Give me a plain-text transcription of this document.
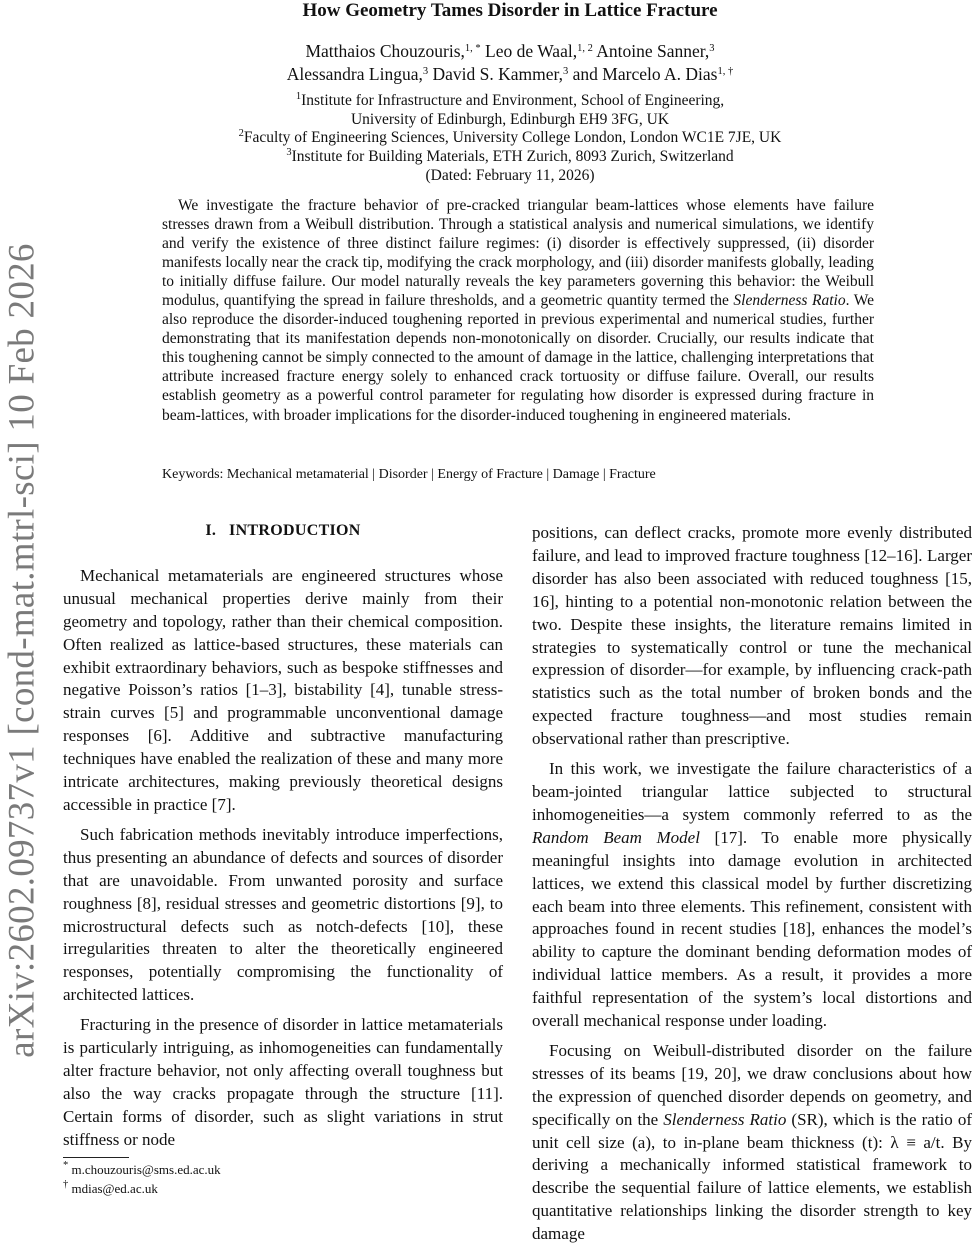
arXiv:2602.09737v1 [cond-mat.mtrl-sci] 10 Feb 2026
How Geometry Tames Disorder in Lattice Fracture
Matthaios Chouzouris,$^{1, *}$ Leo de Waal,$^{1, 2}$ Antoine Sanner,$^3$
Alessandra Lingua,$^3$ David S. Kammer,$^3$ and Marcelo A. Dias$^{1, \dagger}$
$^1$Institute for Infrastructure and Environment, School of Engineering,
University of Edinburgh, Edinburgh EH9 3FG, UK
$^2$Faculty of Engineering Sciences, University College London, London WC1E 7JE, UK
$^3$Institute for Building Materials, ETH Zurich, 8093 Zurich, Switzerland
(Dated: February 11, 2026)
We investigate the fracture behavior of pre-cracked triangular beam-lattices whose elements have failure stresses drawn from a Weibull distribution. Through a statistical analysis and numerical simulations, we identify and verify the existence of three distinct failure regimes: (i) disorder is effectively suppressed, (ii) disorder manifests locally near the crack tip, modifying the crack morphology, and (iii) disorder manifests globally, leading to initially diffuse failure. Our model naturally reveals the key parameters governing this behavior: the Weibull modulus, quantifying the spread in failure thresholds, and a geometric quantity termed the Slenderness Ratio. We also reproduce the disorder-induced toughening reported in previous experimental and numerical studies, further demonstrating that its manifestation depends non-monotonically on disorder. Crucially, our results indicate that this toughening cannot be simply connected to the amount of damage in the lattice, challenging interpretations that attribute increased fracture energy solely to enhanced crack tortuosity or diffuse failure. Overall, our results establish geometry as a powerful control parameter for regulating how disorder is expressed during fracture in beam-lattices, with broader implications for the disorder-induced toughening in engineered materials.
Keywords: Mechanical metamaterial | Disorder | Energy of Fracture | Damage | Fracture
I. INTRODUCTION

Mechanical metamaterials are engineered structures whose unusual mechanical properties derive mainly from their geometry and topology, rather than their chemical composition. Often realized as lattice-based structures, these materials can exhibit extraordinary behaviors, such as bespoke stiffnesses and negative Poisson’s ratios [1–3], bistability [4], tunable stress-strain curves [5] and programmable unconventional damage responses [6]. Additive and subtractive manufacturing techniques have enabled the realization of these and many more intricate architectures, making previously theoretical designs accessible in practice [7].

Such fabrication methods inevitably introduce imperfections, thus presenting an abundance of defects and sources of disorder that are unavoidable. From unwanted porosity and surface roughness [8], residual stresses and geometric distortions [9], to microstructural defects such as notch-defects [10], these irregularities threaten to alter the theoretically engineered responses, potentially compromising the functionality of architected lattices.

Fracturing in the presence of disorder in lattice metamaterials is particularly intriguing, as inhomogeneities can fundamentally alter fracture behavior, not only affecting overall toughness but also the way cracks propagate through the structure [11]. Certain forms of disorder, such as slight variations in strut stiffness or node

positions, can deflect cracks, promote more evenly distributed failure, and lead to improved fracture toughness [12–16]. Larger disorder has also been associated with reduced toughness [15, 16], hinting to a potential non-monotonic relation between the two. Despite these insights, the literature remains limited in strategies to systematically control or tune the mechanical expression of disorder—for example, by influencing crack-path statistics such as the total number of broken bonds and the expected fracture toughness—and most studies remain observational rather than prescriptive.

In this work, we investigate the failure characteristics of a beam-jointed triangular lattice subjected to structural inhomogeneities—a system commonly referred to as the Random Beam Model [17]. To enable more physically meaningful insights into damage evolution in architected lattices, we extend this classical model by further discretizing each beam into three elements. This refinement, consistent with approaches found in recent studies [18], enhances the model’s ability to capture the dominant bending deformation modes of individual lattice members. As a result, it provides a more faithful representation of the system’s local distortions and overall mechanical response under loading.

Focusing on Weibull-distributed disorder on the failure stresses of its beams [19, 20], we draw conclusions about how the expression of quenched disorder depends on geometry, and specifically on the Slenderness Ratio (SR), which is the ratio of unit cell size (a), to in-plane beam thickness (t): λ ≡ a/t. By deriving a mechanically informed statistical framework to describe the sequential failure of lattice elements, we establish quantitative relationships linking the disorder strength to key damage

* m.chouzouris@sms.ed.ac.uk
† mdias@ed.ac.uk
